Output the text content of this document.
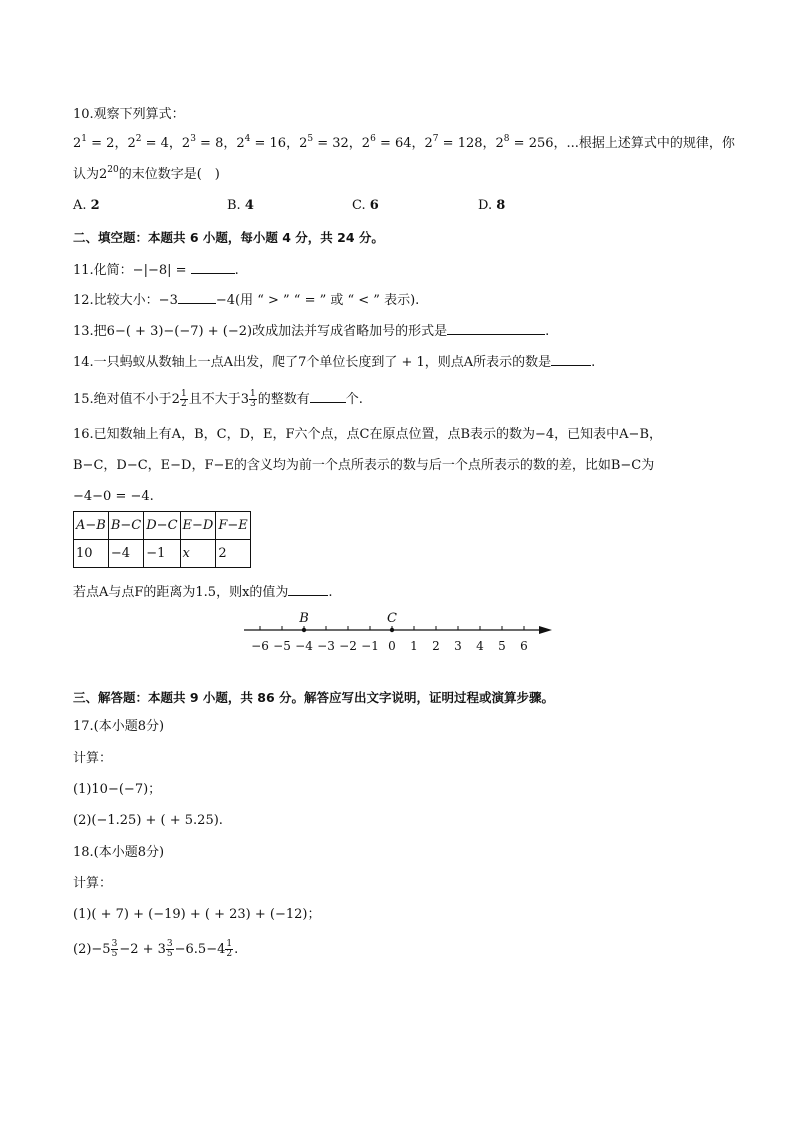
10.观察下列算式：
$2^1 = 2$，$2^2 = 4$，$2^3 = 8$，$2^4 = 16$，$2^5 = 32$，$2^6 = 64$，$2^7 = 128$，$2^8 = 256$，...根据上述算式中的规律，你
认为$2^{20}$的末位数字是(　)
A. 2	B. 4	C. 6	D. 8
二、填空题：本题共 6 小题，每小题 4 分，共 24 分。
11.化简：−|−8| =	.
12.比较大小：−3	−4(用 “ > ” “ = ” 或 “ < ” 表示).
13.把6−( + 3)−(−7) + (−2)改成加法并写成省略加号的形式是	.
14.一只蚂蚁从数轴上一点A出发，爬了7个单位长度到了 + 1，则点A所表示的数是	.
15.绝对值不小于$2 \frac{1}{2}$ 且不大于$3 \frac{1}{3}$ 的整数有	个.
16.已知数轴上有A，B，C，D，E，F六个点，点C在原点位置，点B表示的数为−4，已知表中A−B，
B−C，D−C，E−D，F−E的含义均为前一个点所表示的数与后一个点所表示的数的差，比如B−C为
−4−0 = −4.
A−B	B−C	D−C	E−D	F−E
10	−4	−1	x	2
若点A与点F的距离为1.5，则x的值为	.
−6 −5 −4 −3 −2 −1 0 1 2 3 4 5 6
B	C
三、解答题：本题共 9 小题，共 86 分。解答应写出文字说明，证明过程或演算步骤。
17.(本小题8分)
计算：
(1)10−(−7)；
(2)(−1.25) + ( + 5.25).
18.(本小题8分)
计算：
(1)( + 7) + (−19) + ( + 23) + (−12)；
$(2)-5 \frac{3}{5} -2 + 3 \frac{3}{5} -6.5-4 \frac{1}{2}$ .
